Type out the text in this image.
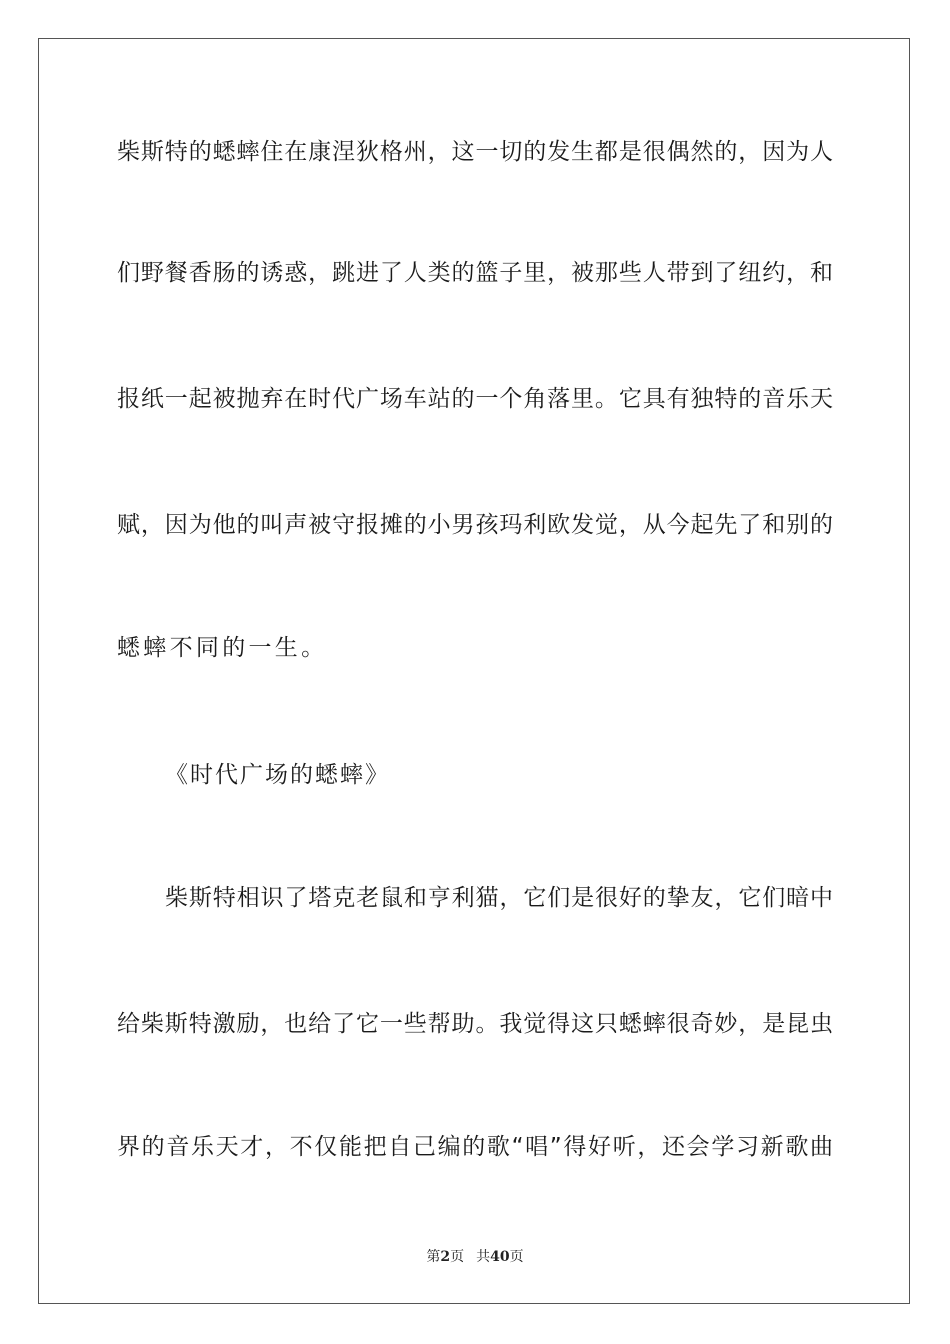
柴斯特的蟋蟀住在康涅狄格州，这一切的发生都是很偶然的，因为人
们野餐香肠的诱惑，跳进了人类的篮子里，被那些人带到了纽约，和
报纸一起被抛弃在时代广场车站的一个角落里。它具有独特的音乐天
赋，因为他的叫声被守报摊的小男孩玛利欧发觉，从今起先了和别的
蟋蟀不同的一生。
《时代广场的蟋蟀》
柴斯特相识了塔克老鼠和亨利猫，它们是很好的挚友，它们暗中
给柴斯特激励，也给了它一些帮助。我觉得这只蟋蟀很奇妙，是昆虫
界的音乐天才，不仅能把自己编的歌“唱”得好听，还会学习新歌曲
第2页 共40页
